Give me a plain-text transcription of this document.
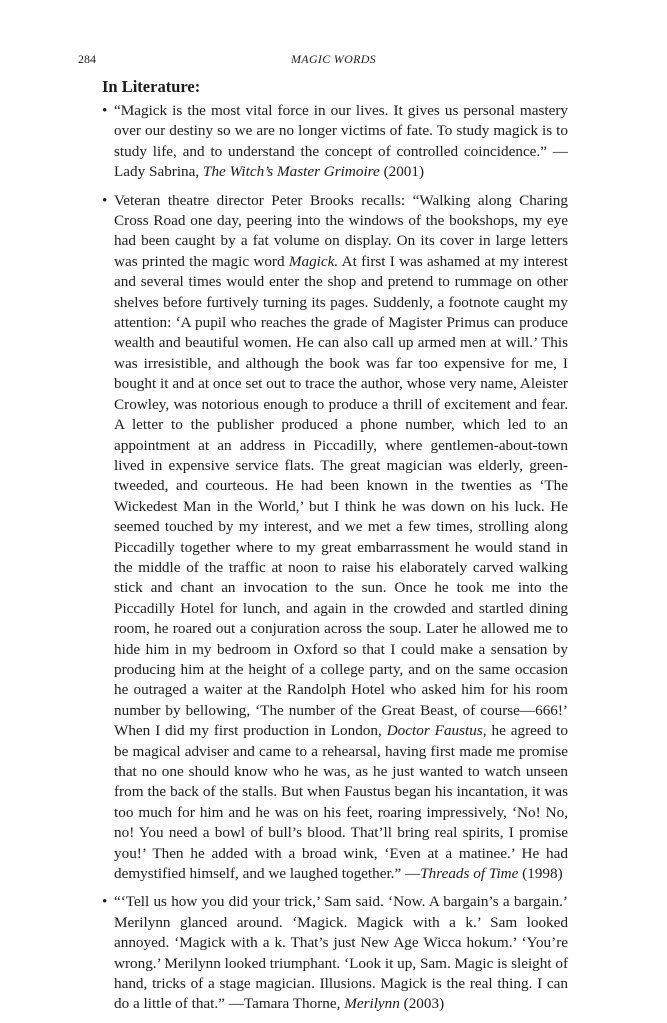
284	MAGIC WORDS
In Literature:
• “Magick is the most vital force in our lives. It gives us personal mastery over our destiny so we are no longer victims of fate. To study magick is to study life, and to understand the concept of controlled coincidence.” —Lady Sabrina, The Witch’s Master Grimoire (2001)
• Veteran theatre director Peter Brooks recalls: “Walking along Charing Cross Road one day, peering into the windows of the bookshops, my eye had been caught by a fat volume on display. On its cover in large letters was printed the magic word Magick. At first I was ashamed at my interest and several times would enter the shop and pretend to rummage on other shelves before furtively turning its pages. Suddenly, a footnote caught my attention: ‘A pupil who reaches the grade of Magister Primus can produce wealth and beautiful women. He can also call up armed men at will.’ This was irresistible, and although the book was far too expensive for me, I bought it and at once set out to trace the author, whose very name, Aleister Crowley, was notorious enough to produce a thrill of excitement and fear. A letter to the publisher produced a phone number, which led to an appointment at an address in Piccadilly, where gentlemen-about-town lived in expensive service flats. The great magician was elderly, green-tweeded, and courteous. He had been known in the twenties as ‘The Wickedest Man in the World,’ but I think he was down on his luck. He seemed touched by my interest, and we met a few times, strolling along Piccadilly together where to my great embarrassment he would stand in the middle of the traffic at noon to raise his elaborately carved walking stick and chant an invocation to the sun. Once he took me into the Piccadilly Hotel for lunch, and again in the crowded and startled dining room, he roared out a conjuration across the soup. Later he allowed me to hide him in my bedroom in Oxford so that I could make a sensation by producing him at the height of a college party, and on the same occasion he outraged a waiter at the Randolph Hotel who asked him for his room number by bellowing, ‘The number of the Great Beast, of course—666!’ When I did my first production in London, Doctor Faustus, he agreed to be magical adviser and came to a rehearsal, having first made me promise that no one should know who he was, as he just wanted to watch unseen from the back of the stalls. But when Faustus began his incantation, it was too much for him and he was on his feet, roaring impressively, ‘No! No, no! You need a bowl of bull’s blood. That’ll bring real spirits, I promise you!’ Then he added with a broad wink, ‘Even at a matinee.’ He had demystified himself, and we laughed together.” —Threads of Time (1998)
• “‘Tell us how you did your trick,’ Sam said. ‘Now. A bargain’s a bargain.’ Merilynn glanced around. ‘Magick. Magick with a k.’ Sam looked annoyed. ‘Magick with a k. That’s just New Age Wicca hokum.’ ‘You’re wrong.’ Merilynn looked triumphant. ‘Look it up, Sam. Magic is sleight of hand, tricks of a stage magician. Illusions. Magick is the real thing. I can do a little of that.” —Tamara Thorne, Merilynn (2003)
